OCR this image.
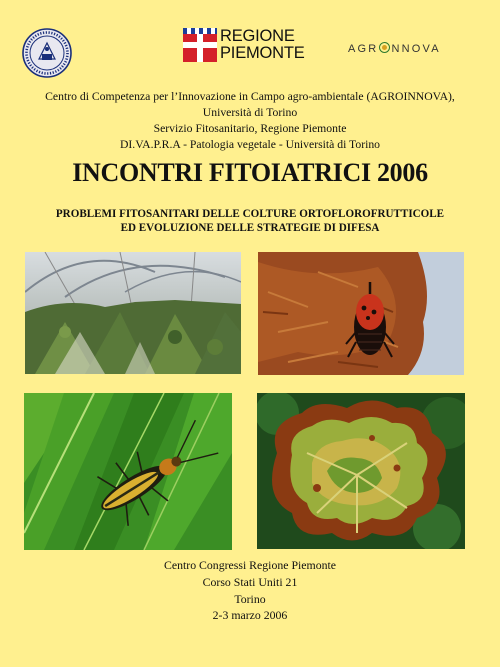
REGIONE
PIEMONTE	AGR NNOVA
Centro di Competenza per l’Innovazione in Campo agro-ambientale (AGROINNOVA),
Università di Torino
Servizio Fitosanitario, Regione Piemonte
DI.VA.P.R.A - Patologia vegetale - Università di Torino
INCONTRI FITOIATRICI 2006
PROBLEMI FITOSANITARI DELLE COLTURE ORTOFLOROFRUTTICOLE
ED EVOLUZIONE DELLE STRATEGIE DI DIFESA
Centro Congressi Regione Piemonte
Corso Stati Uniti 21
Torino
2-3 marzo 2006
